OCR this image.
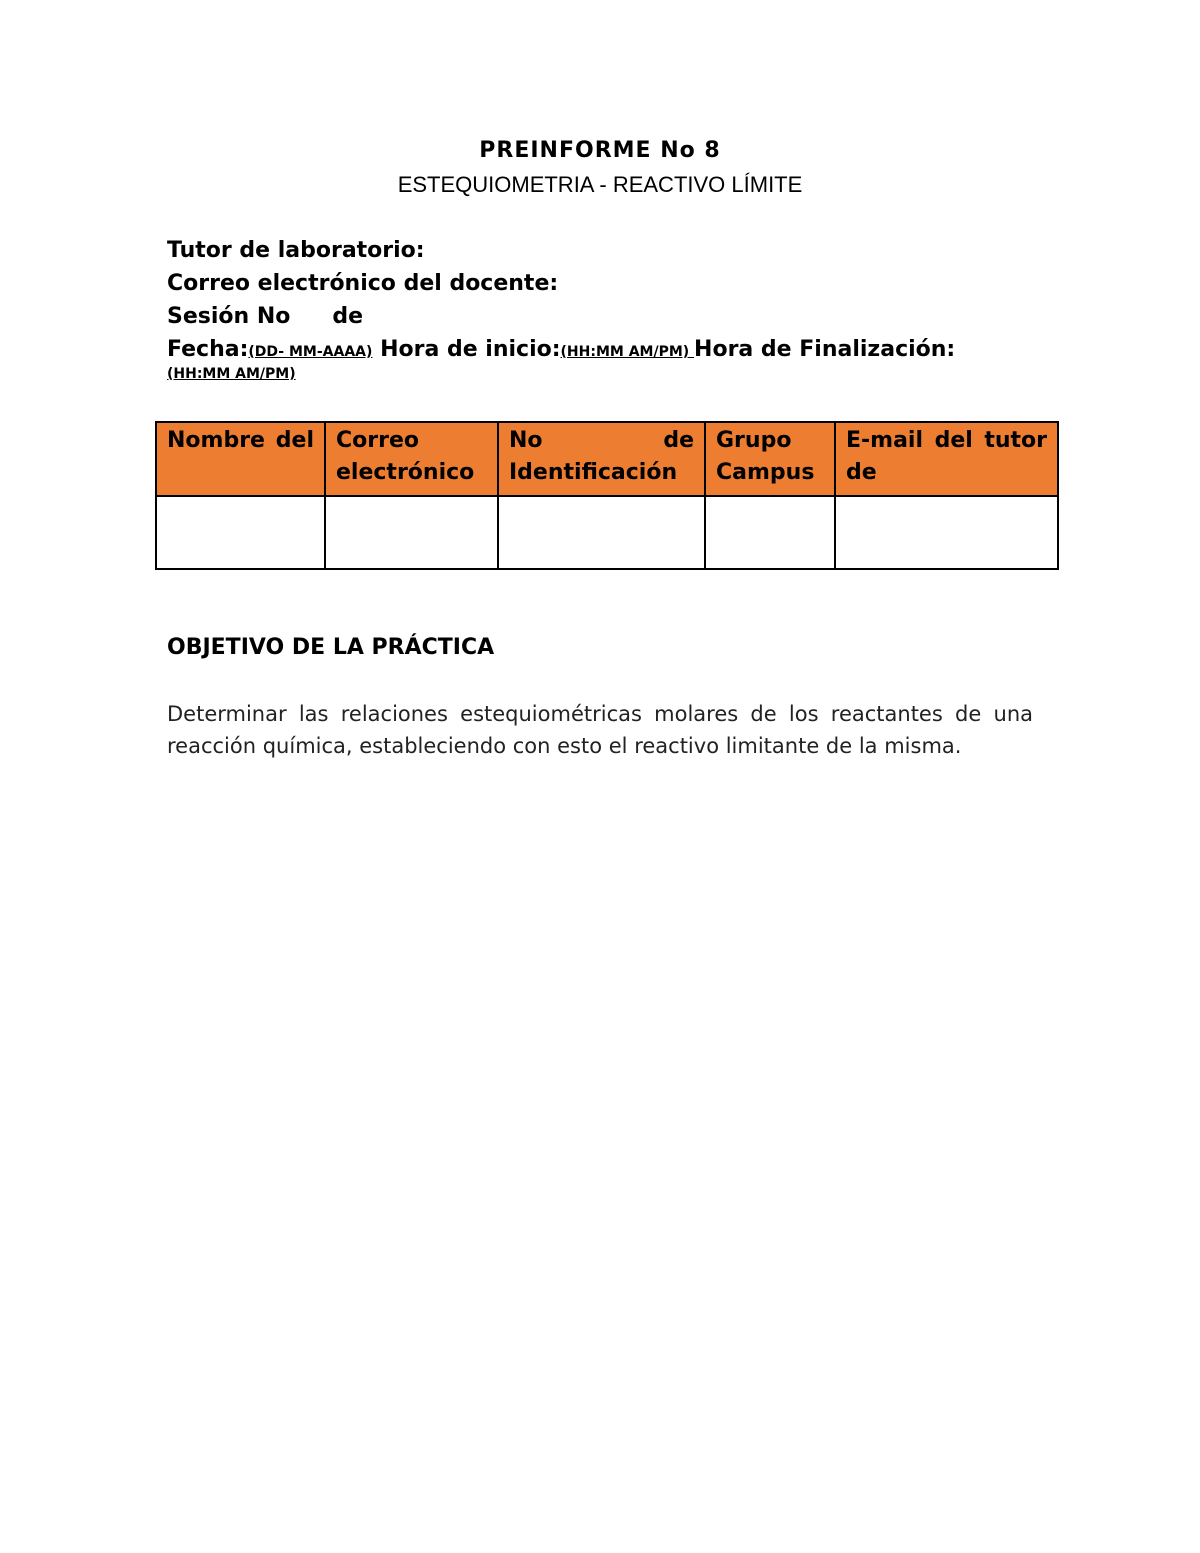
PREINFORME No 8
ESTEQUIOMETRIA - REACTIVO LÍMITE
Tutor de laboratorio:
Correo electrónico del docente:
Sesión No de
Fecha:(DD- MM-AAAA) Hora de inicio:(HH:MM AM/PM) Hora de Finalización:
(HH:MM AM/PM)
Nombre del	Correo electrónico	No de Identificación	Grupo Campus	E-mail del tutor de

OBJETIVO DE LA PRÁCTICA
Determinar las relaciones estequiométricas molares de los reactantes de una reacción química, estableciendo con esto el reactivo limitante de la misma.
